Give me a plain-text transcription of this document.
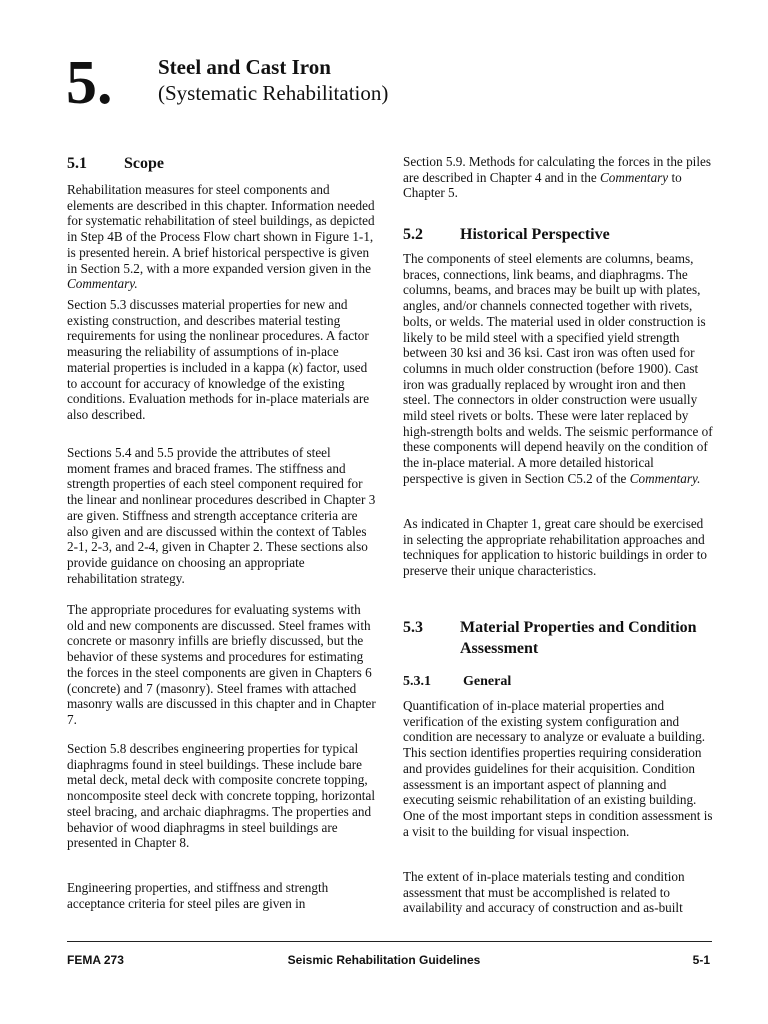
5. Steel and Cast Iron
(Systematic Rehabilitation)
5.1 Scope

Rehabilitation measures for steel components and elements are described in this chapter. Information needed for systematic rehabilitation of steel buildings, as depicted in Step 4B of the Process Flow chart shown in Figure 1-1, is presented herein. A brief historical perspective is given in Section 5.2, with a more expanded version given in the Commentary.

Section 5.3 discusses material properties for new and existing construction, and describes material testing requirements for using the nonlinear procedures. A factor measuring the reliability of assumptions of in-place material properties is included in a kappa (κ) factor, used to account for accuracy of knowledge of the existing conditions. Evaluation methods for in-place materials are also described.

Sections 5.4 and 5.5 provide the attributes of steel moment frames and braced frames. The stiffness and strength properties of each steel component required for the linear and nonlinear procedures described in Chapter 3 are given. Stiffness and strength acceptance criteria are also given and are discussed within the context of Tables 2-1, 2-3, and 2-4, given in Chapter 2. These sections also provide guidance on choosing an appropriate rehabilitation strategy.

The appropriate procedures for evaluating systems with old and new components are discussed. Steel frames with concrete or masonry infills are briefly discussed, but the behavior of these systems and procedures for estimating the forces in the steel components are given in Chapters 6 (concrete) and 7 (masonry). Steel frames with attached masonry walls are discussed in this chapter and in Chapter 7.

Section 5.8 describes engineering properties for typical diaphragms found in steel buildings. These include bare metal deck, metal deck with composite concrete topping, noncomposite steel deck with concrete topping, horizontal steel bracing, and archaic diaphragms. The properties and behavior of wood diaphragms in steel buildings are presented in Chapter 8.

Engineering properties, and stiffness and strength acceptance criteria for steel piles are given in

Section 5.9. Methods for calculating the forces in the piles are described in Chapter 4 and in the Commentary to Chapter 5.

5.2 Historical Perspective

The components of steel elements are columns, beams, braces, connections, link beams, and diaphragms. The columns, beams, and braces may be built up with plates, angles, and/or channels connected together with rivets, bolts, or welds. The material used in older construction is likely to be mild steel with a specified yield strength between 30 ksi and 36 ksi. Cast iron was often used for columns in much older construction (before 1900). Cast iron was gradually replaced by wrought iron and then steel. The connectors in older construction were usually mild steel rivets or bolts. These were later replaced by high-strength bolts and welds. The seismic performance of these components will depend heavily on the condition of the in-place material. A more detailed historical perspective is given in Section C5.2 of the Commentary.

As indicated in Chapter 1, great care should be exercised in selecting the appropriate rehabilitation approaches and techniques for application to historic buildings in order to preserve their unique characteristics.

5.3 Material Properties and Condition Assessment
5.3.1 General

Quantification of in-place material properties and verification of the existing system configuration and condition are necessary to analyze or evaluate a building. This section identifies properties requiring consideration and provides guidelines for their acquisition. Condition assessment is an important aspect of planning and executing seismic rehabilitation of an existing building. One of the most important steps in condition assessment is a visit to the building for visual inspection.

The extent of in-place materials testing and condition assessment that must be accomplished is related to availability and accuracy of construction and as-built

FEMA 273	Seismic Rehabilitation Guidelines	5-1
